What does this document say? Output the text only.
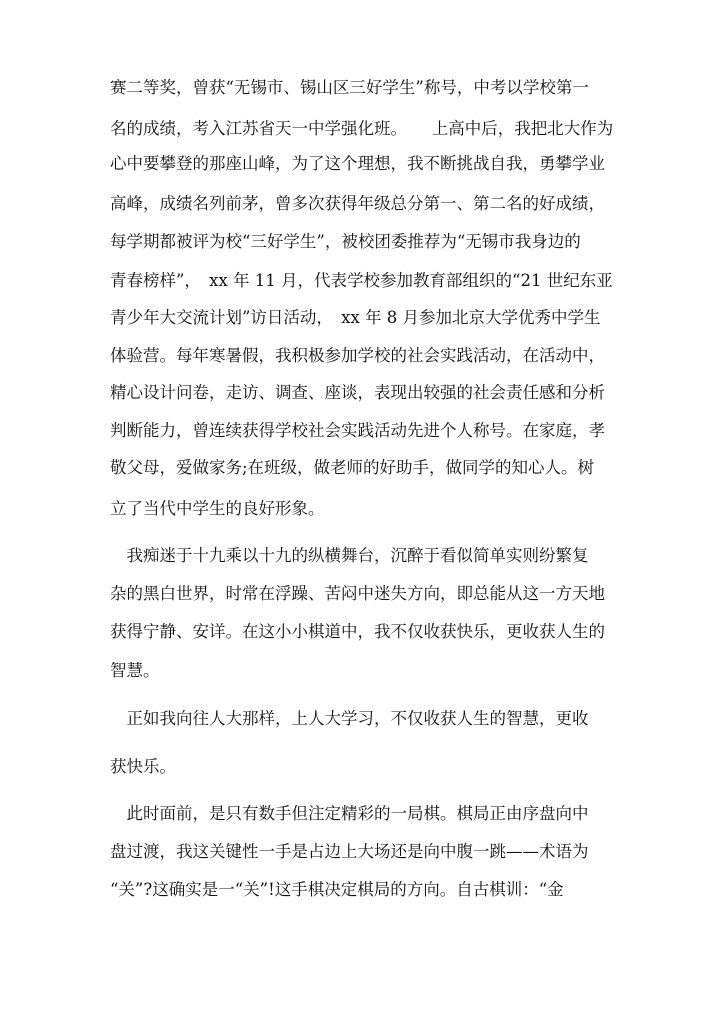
赛二等奖，曾获“无锡市、锡山区三好学生”称号，中考以学校第一
名的成绩，考入江苏省天一中学强化班。　　上高中后，我把北大作为
心中要攀登的那座山峰，为了这个理想，我不断挑战自我，勇攀学业
高峰，成绩名列前茅，曾多次获得年级总分第一、第二名的好成绩，
每学期都被评为校“三好学生”，被校团委推荐为“无锡市我身边的
青春榜样”，　xx 年 11 月，代表学校参加教育部组织的“21 世纪东亚
青少年大交流计划”访日活动，　xx 年 8 月参加北京大学优秀中学生
体验营。每年寒暑假，我积极参加学校的社会实践活动，在活动中，
精心设计问卷，走访、调查、座谈，表现出较强的社会责任感和分析
判断能力，曾连续获得学校社会实践活动先进个人称号。在家庭，孝
敬父母，爱做家务;在班级，做老师的好助手，做同学的知心人。树
立了当代中学生的良好形象。
　我痴迷于十九乘以十九的纵横舞台，沉醉于看似简单实则纷繁复
杂的黑白世界，时常在浮躁、苦闷中迷失方向，即总能从这一方天地
获得宁静、安详。在这小小棋道中，我不仅收获快乐，更收获人生的
智慧。
　正如我向往人大那样，上人大学习，不仅收获人生的智慧，更收
获快乐。
　此时面前，是只有数手但注定精彩的一局棋。棋局正由序盘向中
盘过渡，我这关键性一手是占边上大场还是向中腹一跳——术语为
“关”?这确实是一“关”!这手棋决定棋局的方向。自古棋训：“金
